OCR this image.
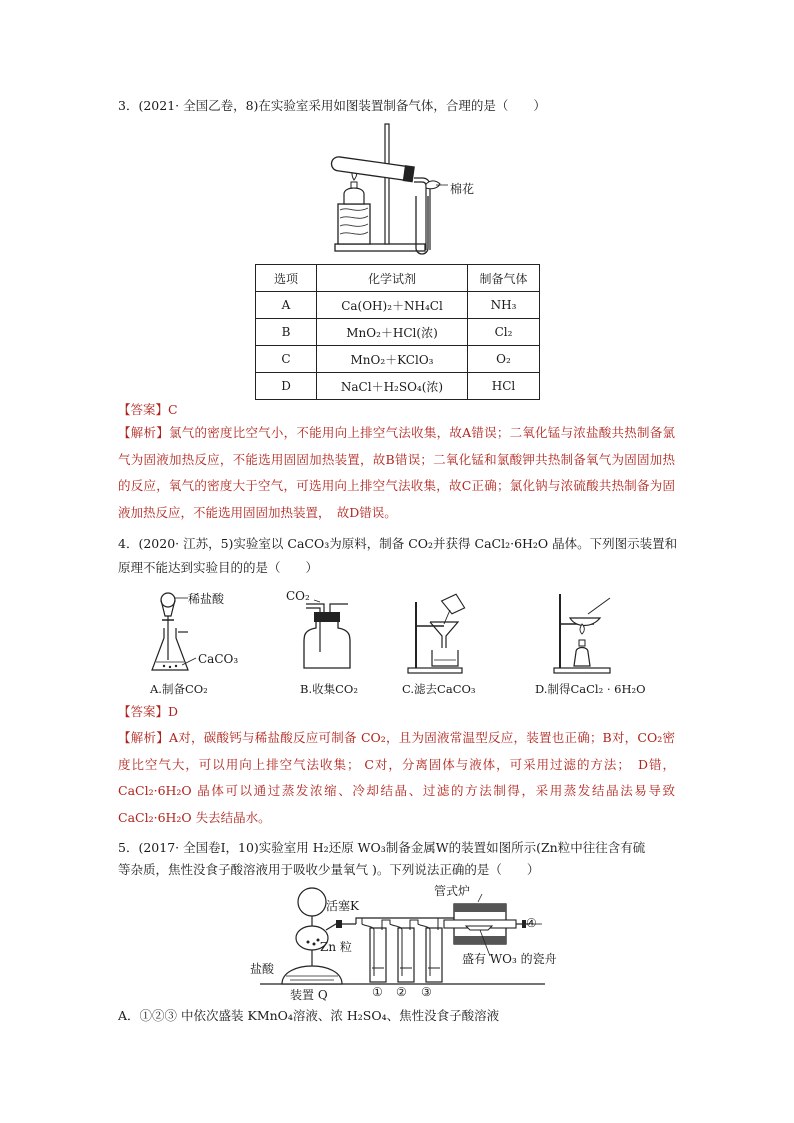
3．(2021· 全国乙卷，8)在实验室采用如图装置制备气体，合理的是（　　）
棉花
选项	化学试剂	制备气体
A	Ca(OH)₂＋NH₄Cl	NH₃
B	MnO₂＋HCl(浓)	Cl₂
C	MnO₂＋KClO₃	O₂
D	NaCl＋H₂SO₄(浓)	HCl
【答案】C
【解析】氯气的密度比空气小，不能用向上排空气法收集，故A错误；二氧化锰与浓盐酸共热制备氯气为固液加热反应，不能选用固固加热装置，故B错误；二氧化锰和氯酸钾共热制备氧气为固固加热的反应，氧气的密度大于空气，可选用向上排空气法收集，故C正确；氯化钠与浓硫酸共热制备为固液加热反应，不能选用固固加热装置，　故D错误。
4．(2020· 江苏，5)实验室以 CaCO₃为原料，制备 CO₂并获得 CaCl₂·6H₂O 晶体。下列图示装置和
原理不能达到实验目的的是（　　）
稀盐酸
CaCO₃
CO₂
A.制备CO₂	B.收集CO₂	C.滤去CaCO₃	D.制得CaCl₂ · 6H₂O
【答案】D
【解析】A对，碳酸钙与稀盐酸反应可制备 CO₂，且为固液常温型反应，装置也正确；B对，CO₂密度比空气大，可以用向上排空气法收集； C对，分离固体与液体，可采用过滤的方法；　D错，CaCl₂·6H₂O 晶体可以通过蒸发浓缩、冷却结晶、过滤的方法制得，采用蒸发结晶法易导致CaCl₂·6H₂O 失去结晶水。
5．(2017· 全国卷Ⅰ，10)实验室用 H₂还原 WO₃制备金属W的装置如图所示(Zn粒中往往含有硫
等杂质，焦性没食子酸溶液用于吸收少量氧气 )。下列说法正确的是（　　）
活塞K
Zn 粒
盐酸
装置 Q
管式炉
盛有 WO₃ 的瓷舟
① ② ③
④
A．①②③ 中依次盛装 KMnO₄溶液、浓 H₂SO₄、焦性没食子酸溶液
